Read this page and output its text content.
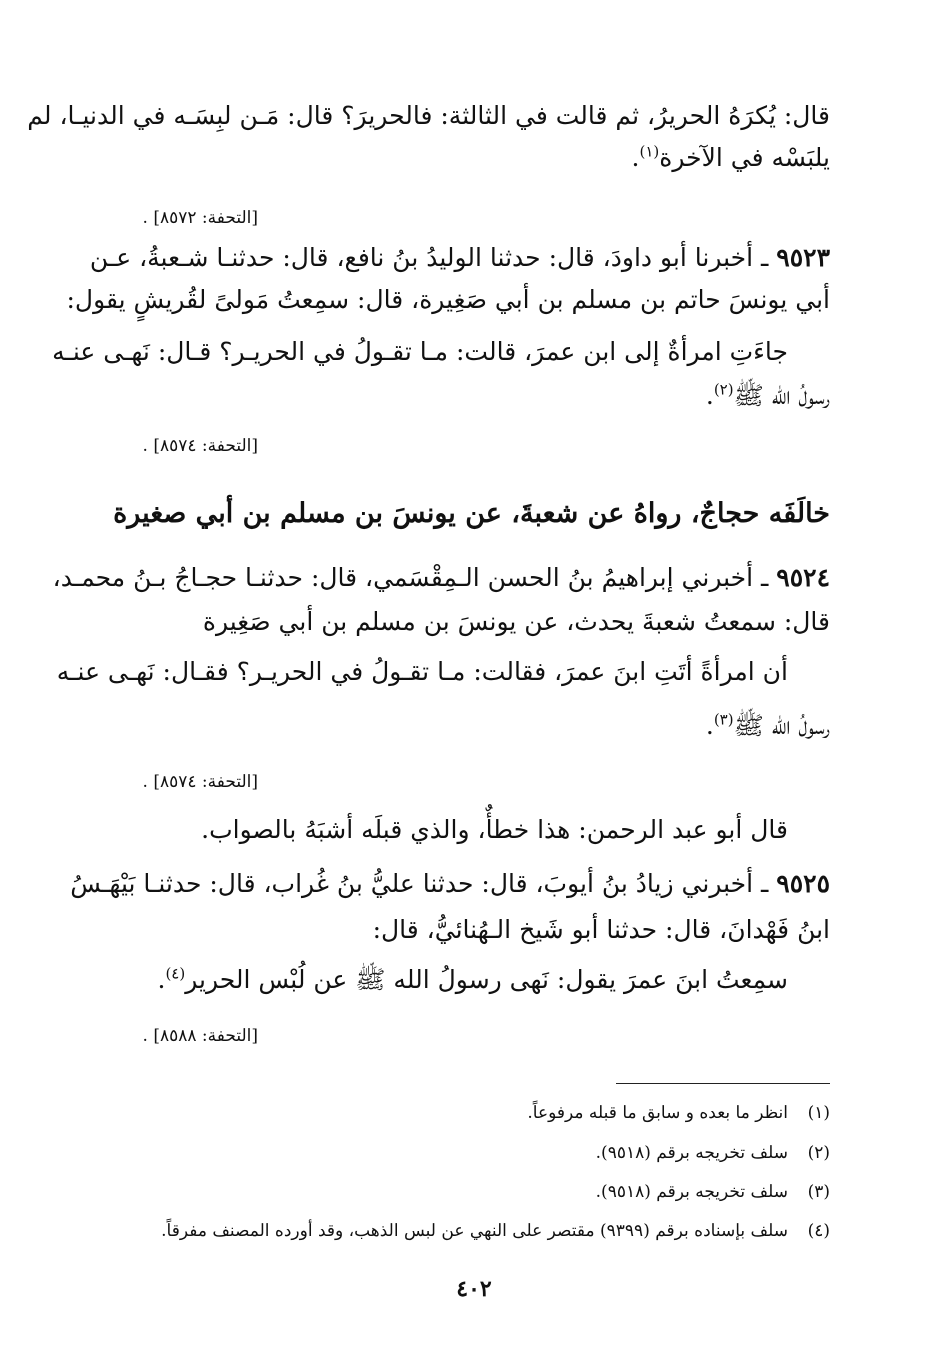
قال: يُكرَهُ الحريرُ، ثم قالت في الثالثة: فالحريرَ؟ قال: مَـن لبِسَـه في الدنيـا، لم
يلبَسْه في الآخرة$^{(١)}$.
[التحفة: ٨٥٧٢] .
٩٥٢٣ ـ أخبرنا أبو داودَ، قال: حدثنا الوليدُ بنُ نافع، قال: حدثنـا شـعبةُ، عـن
أبي يونسَ حاتم بن مسلم بن أبي صَغِيرة، قال: سمِعتُ مَولىً لقُريشٍ يقول:
جاءَتِ امرأةٌ إلى ابن عمرَ، قالت: مـا تقـولُ في الحريـر؟ قـال: نَهـى عنـه
رسولُ الله ﷺ$^{(٢)}$.
[التحفة: ٨٥٧٤] .
خالَفَه حجاجٌ، رواهُ عن شعبةَ، عن يونسَ بن مسلم بن أبي صغيرة
٩٥٢٤ ـ أخبرني إبراهيمُ بنُ الحسن الـمِقْسَمي، قال: حدثنـا حجـاجُ بـنُ محمـد،
قال: سمعتُ شعبةَ يحدث، عن يونسَ بن مسلم بن أبي صَغِيرة
أن امرأةً أتَتِ ابنَ عمرَ، فقالت: مـا تقـولُ في الحريـر؟ فقـال: نَهـى عنـه
رسولُ الله ﷺ$^{(٣)}$.
[التحفة: ٨٥٧٤] .
قال أبو عبد الرحمن: هذا خطأٌ، والذي قبلَه أشبَهُ بالصواب.
٩٥٢٥ ـ أخبرني زيادُ بنُ أيوبَ، قال: حدثنا عليُّ بنُ غُراب، قال: حدثنـا بَيْهَـسُ
ابنُ فَهْدانَ، قال: حدثنا أبو شَيخ الـهُنائيُّ، قال:
سمِعتُ ابنَ عمرَ يقول: نَهى رسولُ الله ﷺ عن لُبْس الحرير$^{(٤)}$.
[التحفة: ٨٥٨٨] .
(١)انظر ما بعده و سابق ما قبله مرفوعاً.
(٢)سلف تخريجه برقم (٩٥١٨).
(٣)سلف تخريجه برقم (٩٥١٨).
(٤)سلف بإسناده برقم (٩٣٩٩) مقتصر على النهي عن لبس الذهب، وقد أورده المصنف مفرقاً.
٤٠٢
